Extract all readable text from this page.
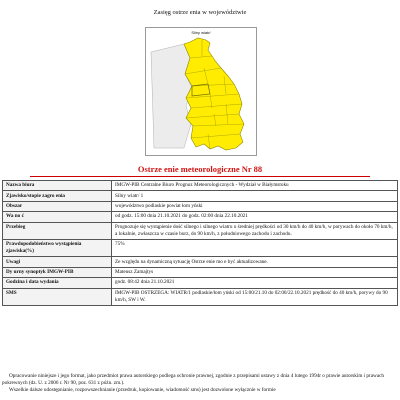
Zasięg ostrze enia w województwie
Silny wiatr/
Ostrze enie meteorologiczne Nr 88
Nazwa biura	IMGW-PIB Centralne Biuro Prognoz Meteorologicznych - Wydział w Białymstoku
Zjawisko/stopie zagro enia	Silny wiatr/ 1
Obszar	województwo podlaskie powiat łom yński
Wa no ć	od godz. 15:00 dnia 21.10.2021 do godz. 02:00 dnia 22.10.2021
Przebieg	Prognozuje się wystąpienie dość silnego i silnego wiatru o średniej prędkości od 30 km/h do 40 km/h, w porywach do około 70 km/h, a lokalnie, zwłaszcza w czasie burz, do 90 km/h, z południowego zachodu i zachodu.
Prawdopodobieństwo wystąpienia zjawiska(%)	75%
Uwagi	Ze względu na dynamiczną sytuację Ostrze enie mo e być aktualizowane.
Dy urny synoptyk IMGW-PIB	Mateusz Zamajtys
Godzina i data wydania	godz. 08:42 dnia 21.10.2021
SMS	IMGW-PIB OSTRZEGA: WIATR/1 podlaskie/łom yński od 15:00/21.10 do 02:00/22.10.2021 prędkość do 40 km/h, porywy do 90 km/h, SW i W.

Opracowanie niniejsze i jego format, jako przedmiot prawa autorskiego podlega ochronie prawnej, zgodnie z przepisami ustawy z dnia 4 lutego 1994r o prawie autorskim i prawach pokrewnych (dz. U. z 2006 r. Nr 90, poz. 631 z późn. zm.).

Wszelkie dalsze udostępnianie, rozpowszechnianie (przedruk, kopiowanie, wiadomość sms) jest dozwolone wyłącznie w formie
